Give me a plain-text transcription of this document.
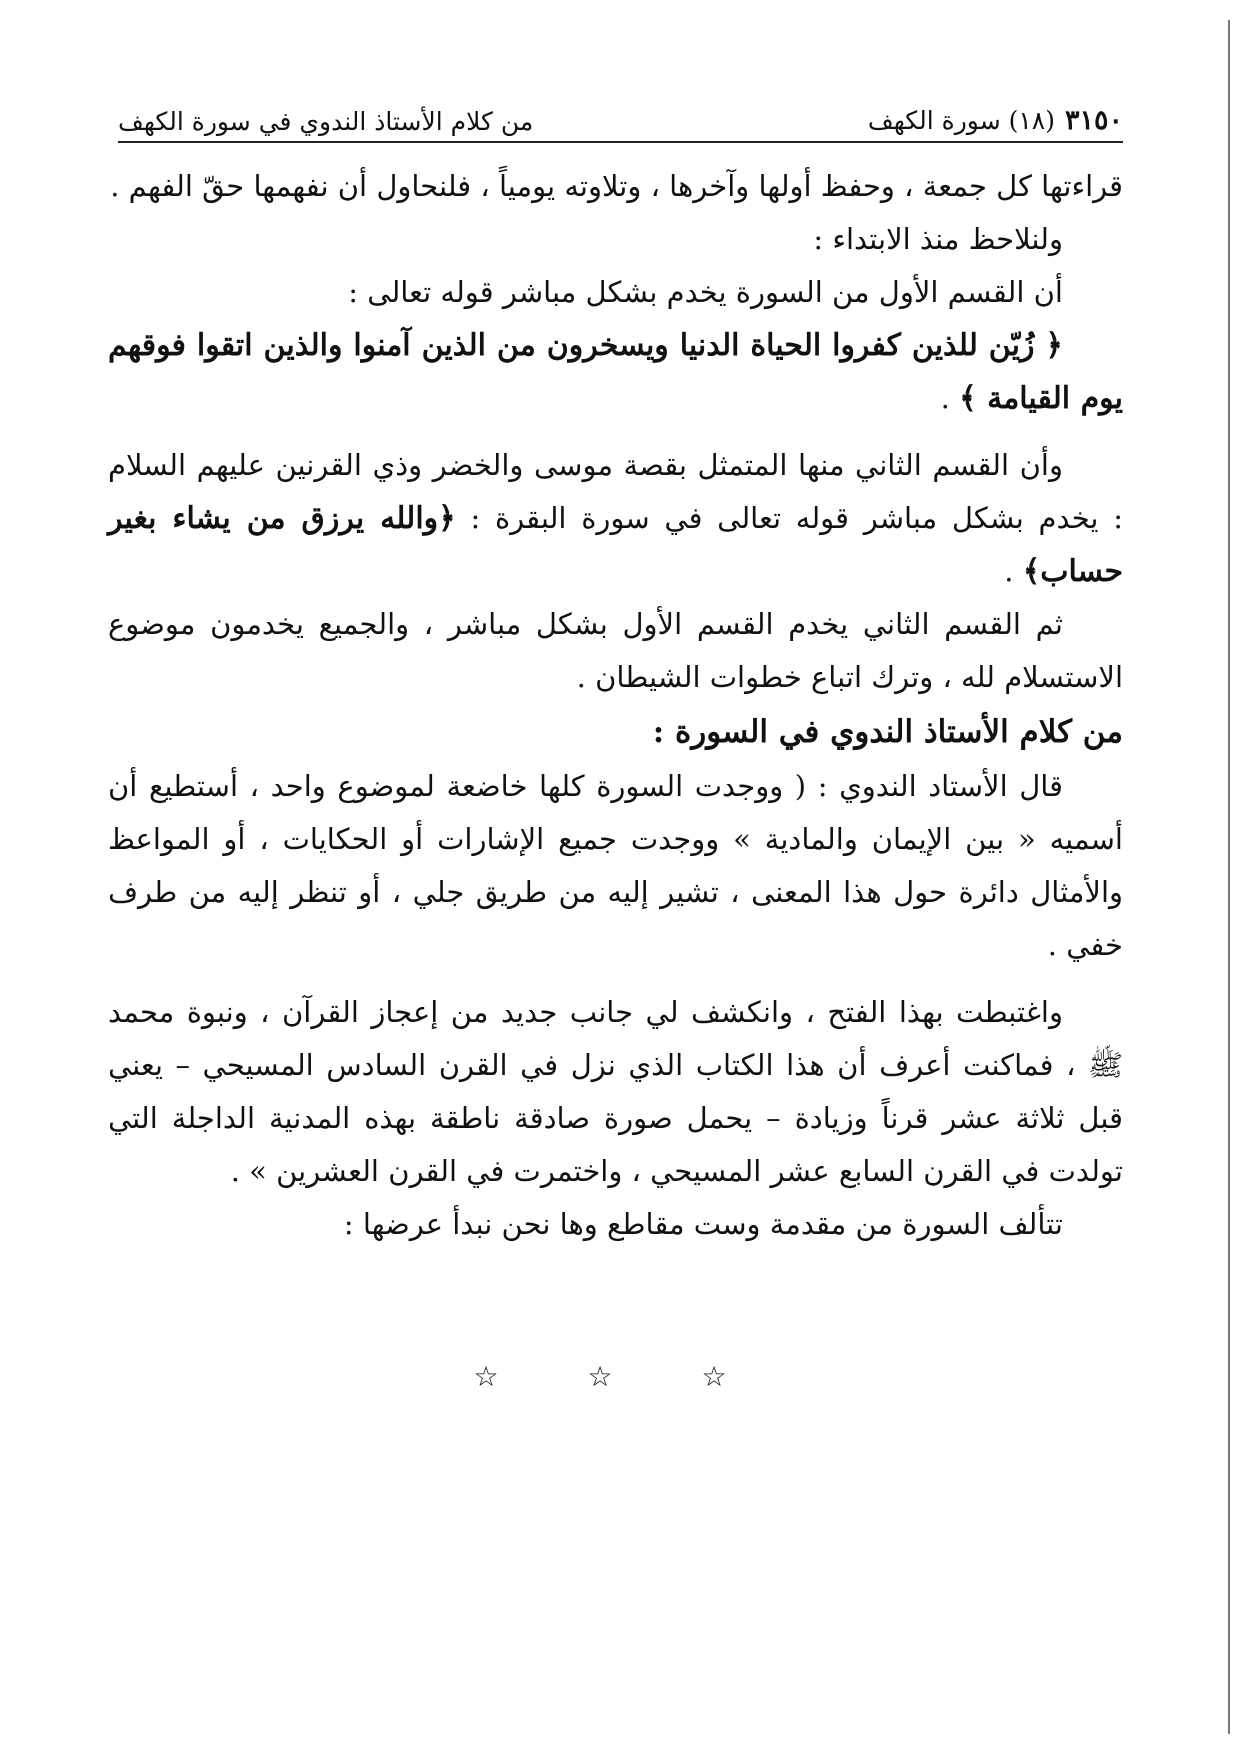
٣١٥٠
(١٨) سورة الكهف
من كلام الأستاذ الندوي في سورة الكهف

قراءتها كل جمعة ، وحفظ أولها وآخرها ، وتلاوته يومياً ، فلنحاول أن نفهمها حقّ الفهم .

ولنلاحظ منذ الابتداء :

أن القسم الأول من السورة يخدم بشكل مباشر قوله تعالى :

﴿ زُيّن للذين كفروا الحياة الدنيا ويسخرون من الذين آمنوا والذين اتقوا فوقهم يوم القيامة ﴾ .

وأن القسم الثاني منها المتمثل بقصة موسى والخضر وذي القرنين عليهم السلام : يخدم بشكل مباشر قوله تعالى في سورة البقرة : ﴿والله يرزق من يشاء بغير حساب﴾ .

ثم القسم الثاني يخدم القسم الأول بشكل مباشر ، والجميع يخدمون موضوع الاستسلام لله ، وترك اتباع خطوات الشيطان .

من كلام الأستاذ الندوي في السورة :

قال الأستاد الندوي : ( ووجدت السورة كلها خاضعة لموضوع واحد ، أستطيع أن أسميه « بين الإيمان والمادية » ووجدت جميع الإشارات أو الحكايات ، أو المواعظ والأمثال دائرة حول هذا المعنى ، تشير إليه من طريق جلي ، أو تنظر إليه من طرف خفي .

واغتبطت بهذا الفتح ، وانكشف لي جانب جديد من إعجاز القرآن ، ونبوة محمد ﷺ ، فماكنت أعرف أن هذا الكتاب الذي نزل في القرن السادس المسيحي – يعني قبل ثلاثة عشر قرناً وزيادة – يحمل صورة صادقة ناطقة بهذه المدنية الداجلة التي تولدت في القرن السابع عشر المسيحي ، واختمرت في القرن العشرين » .

تتألف السورة من مقدمة وست مقاطع وها نحن نبدأ عرضها :

☆ ☆ ☆
